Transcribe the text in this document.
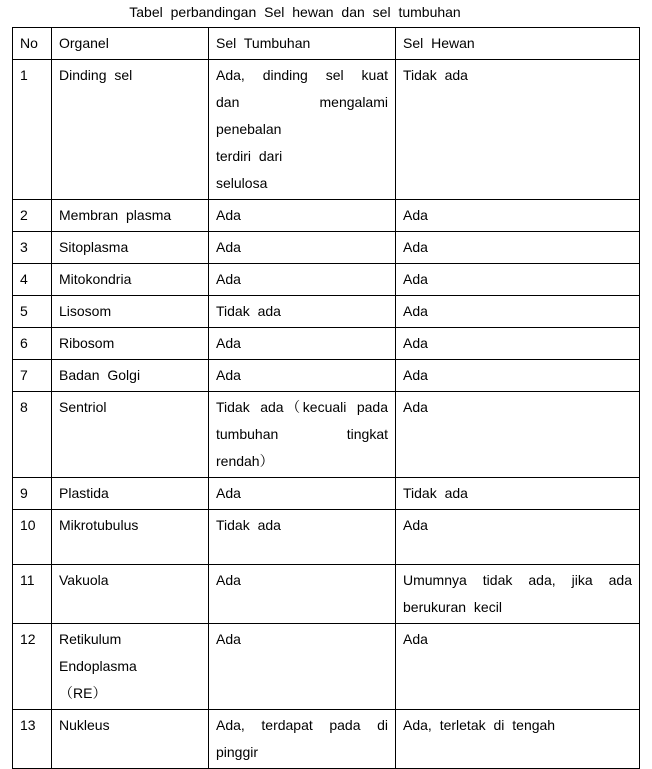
Tabel perbandingan Sel hewan dan sel tumbuhan
No	Organel	Sel Tumbuhan	Sel Hewan
1	Dinding sel	Ada, dinding sel kuat
dan mengalami
penebalan
terdiri dari
selulosa	Tidak ada
2	Membran plasma	Ada	Ada
3	Sitoplasma	Ada	Ada
4	Mitokondria	Ada	Ada
5	Lisosom	Tidak ada	Ada
6	Ribosom	Ada	Ada
7	Badan Golgi	Ada	Ada
8	Sentriol	Tidak ada（kecuali pada
tumbuhan tingkat
rendah）	Ada
9	Plastida	Ada	Tidak ada
10	Mikrotubulus	Tidak ada	Ada
11	Vakuola	Ada	Umumnya tidak ada, jika ada berukuran kecil
12	Retikulum Endoplasma （RE）	Ada	Ada
13	Nukleus	Ada, terdapat pada di pinggir	Ada, terletak di tengah
